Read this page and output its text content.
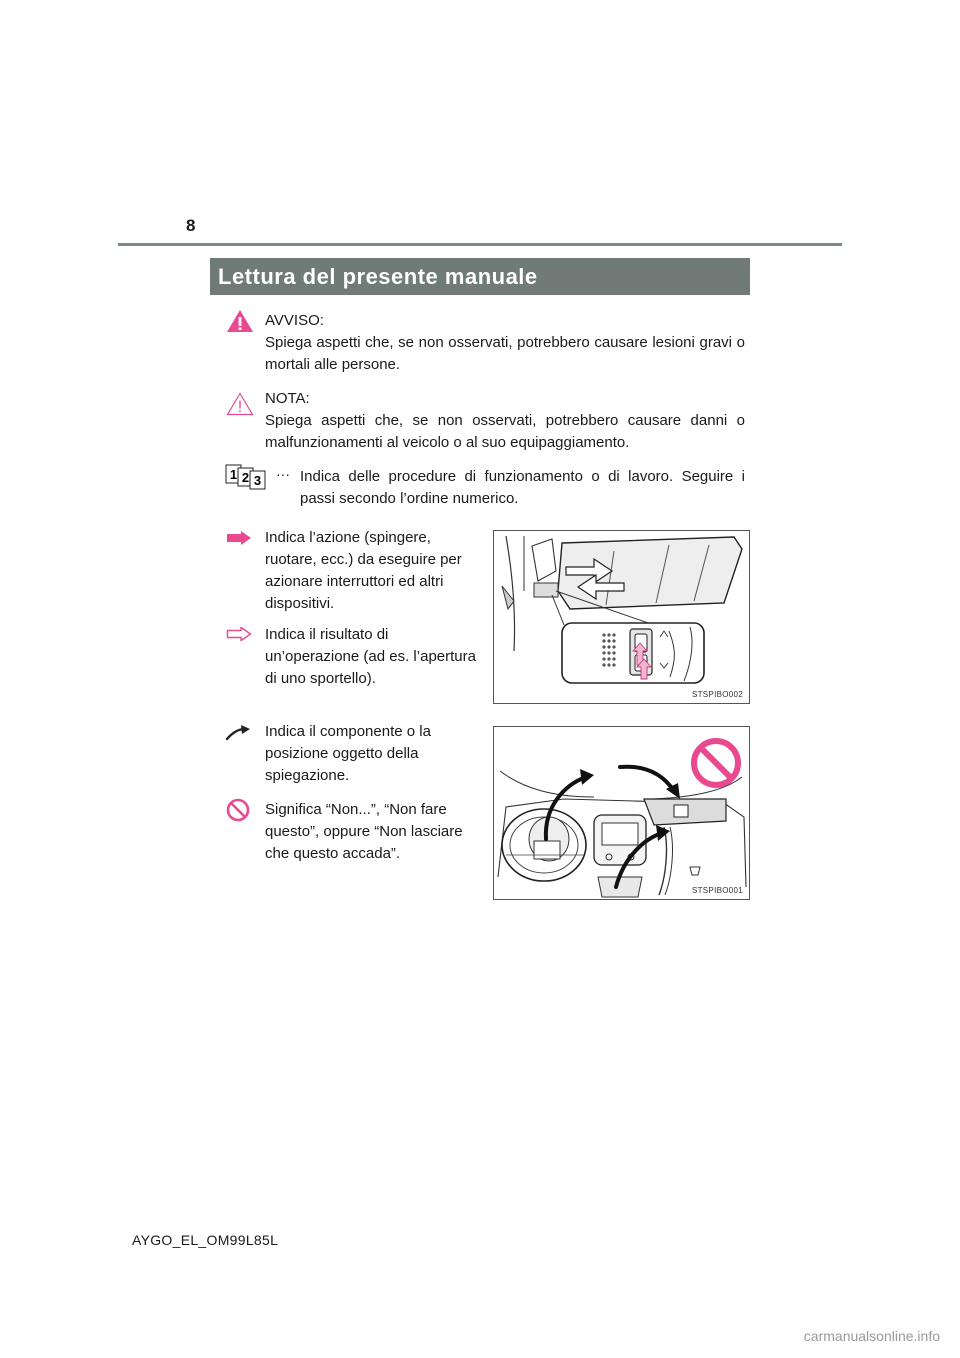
8
Lettura del presente manuale
AVVISO:
Spiega aspetti che, se non osservati, potrebbero causare lesioni gravi o
mortali alle persone.
NOTA:
Spiega aspetti che, se non osservati, potrebbero causare danni o
malfunzionamenti al veicolo o al suo equipaggiamento.
1 2 3 ··· Indica delle procedure di funzionamento o di lavoro. Seguire i
passi secondo l’ordine numerico.
Indica l’azione (spingere,
ruotare, ecc.) da eseguire per
azionare interruttori ed altri
dispositivi.
Indica il risultato di
un’operazione (ad es. l’apertura
di uno sportello).
STSPIBO002
Indica il componente o la
posizione oggetto della
spiegazione.
Significa “Non...”, “Non fare
questo”, oppure “Non lasciare
che questo accada”.
STSPIBO001
AYGO_EL_OM99L85L
carmanualsonline.info
